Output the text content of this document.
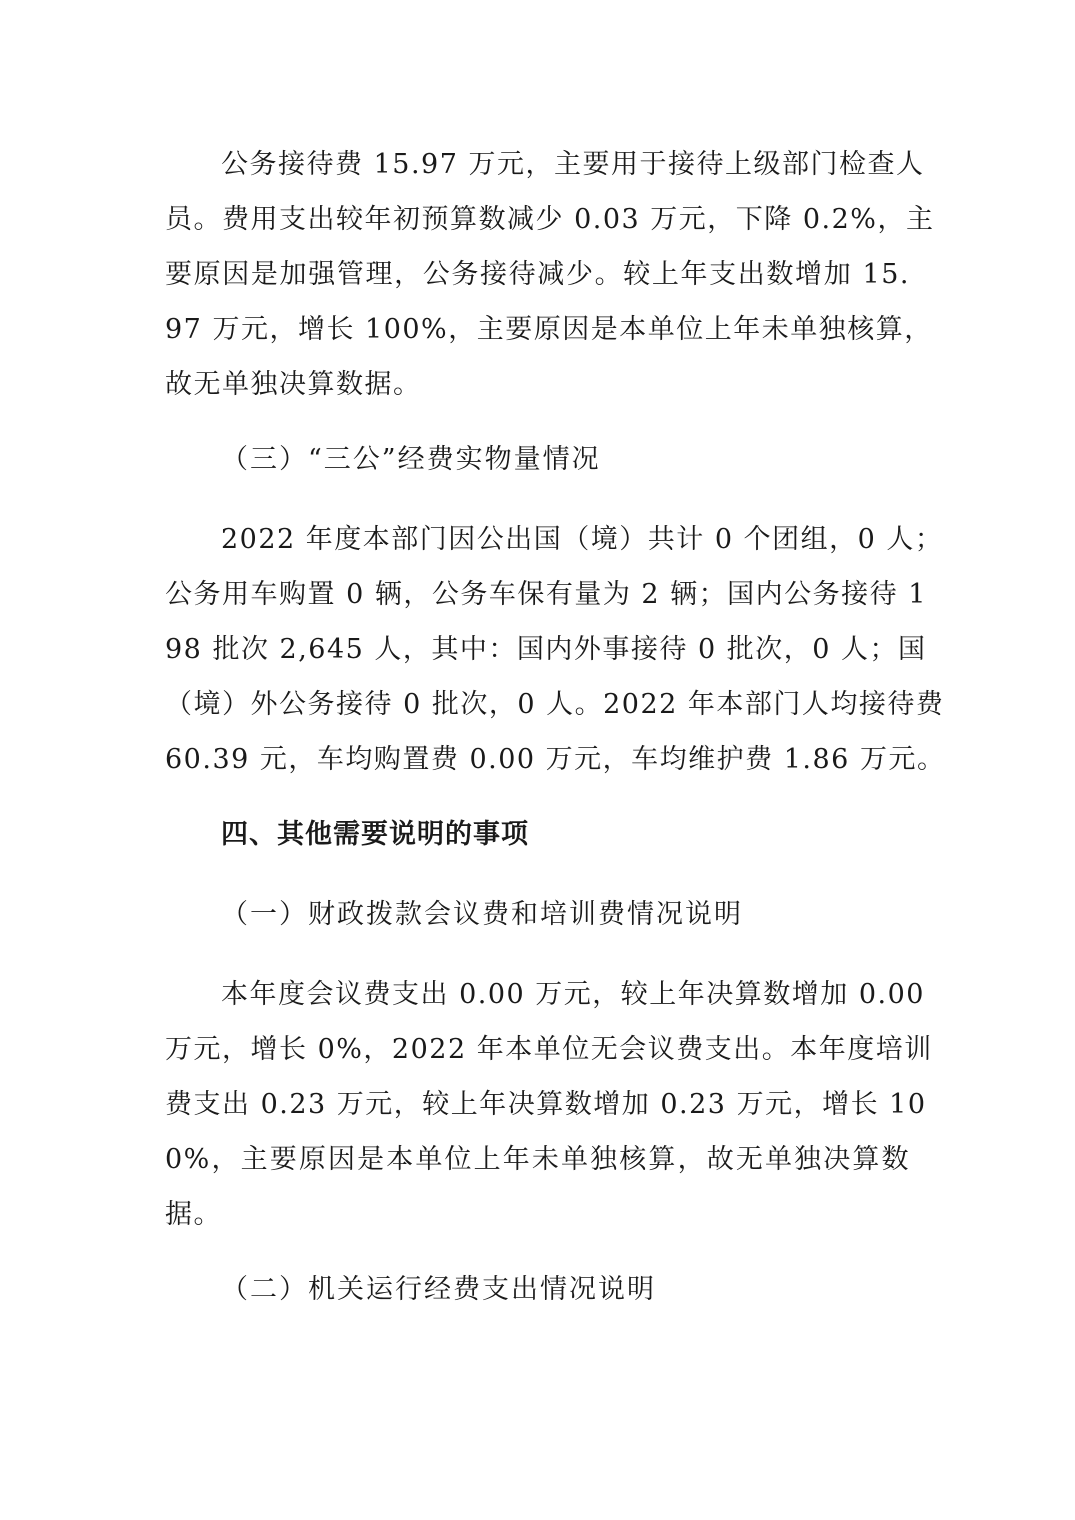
公务接待费 15.97 万元，主要用于接待上级部门检查人

员。费用支出较年初预算数减少 0.03 万元，下降 0.2%，主

要原因是加强管理，公务接待减少。较上年支出数增加 15.

97 万元，增长 100%，主要原因是本单位上年未单独核算，

故无单独决算数据。

（三）“三公”经费实物量情况

2022 年度本部门因公出国（境）共计 0 个团组，0 人；

公务用车购置 0 辆，公务车保有量为 2 辆；国内公务接待 1

98 批次 2,645 人，其中：国内外事接待 0 批次，0 人；国

（境）外公务接待 0 批次，0 人。2022 年本部门人均接待费

60.39 元，车均购置费 0.00 万元，车均维护费 1.86 万元。

四、其他需要说明的事项

（一）财政拨款会议费和培训费情况说明

本年度会议费支出 0.00 万元，较上年决算数增加 0.00

万元，增长 0%，2022 年本单位无会议费支出。本年度培训

费支出 0.23 万元，较上年决算数增加 0.23 万元，增长 10

0%，主要原因是本单位上年未单独核算，故无单独决算数

据。

（二）机关运行经费支出情况说明
